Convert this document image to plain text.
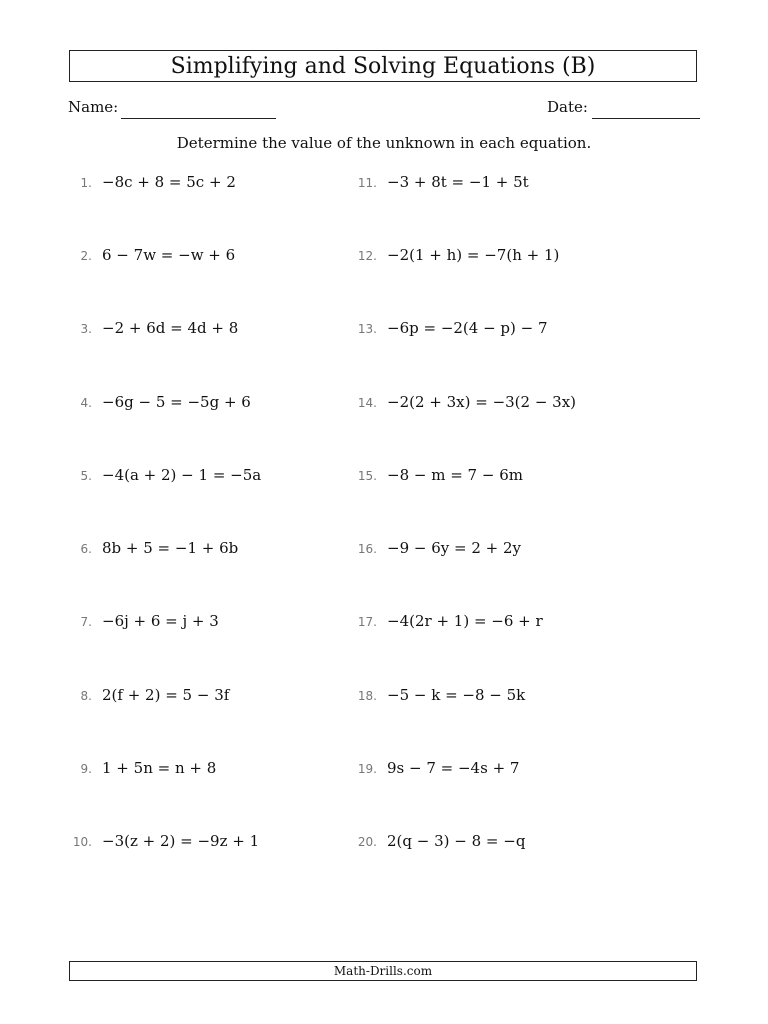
Simplifying and Solving Equations (B)
Name:	Date:
Determine the value of the unknown in each equation.
1. −8c + 8 = 5c + 2
2. 6 − 7w = −w + 6
3. −2 + 6d = 4d + 8
4. −6g − 5 = −5g + 6
5. −4(a + 2) − 1 = −5a
6. 8b + 5 = −1 + 6b
7. −6j + 6 = j + 3
8. 2(f + 2) = 5 − 3f
9. 1 + 5n = n + 8
10. −3(z + 2) = −9z + 1
11. −3 + 8t = −1 + 5t
12. −2(1 + h) = −7(h + 1)
13. −6p = −2(4 − p) − 7
14. −2(2 + 3x) = −3(2 − 3x)
15. −8 − m = 7 − 6m
16. −9 − 6y = 2 + 2y
17. −4(2r + 1) = −6 + r
18. −5 − k = −8 − 5k
19. 9s − 7 = −4s + 7
20. 2(q − 3) − 8 = −q
Math-Drills.com
